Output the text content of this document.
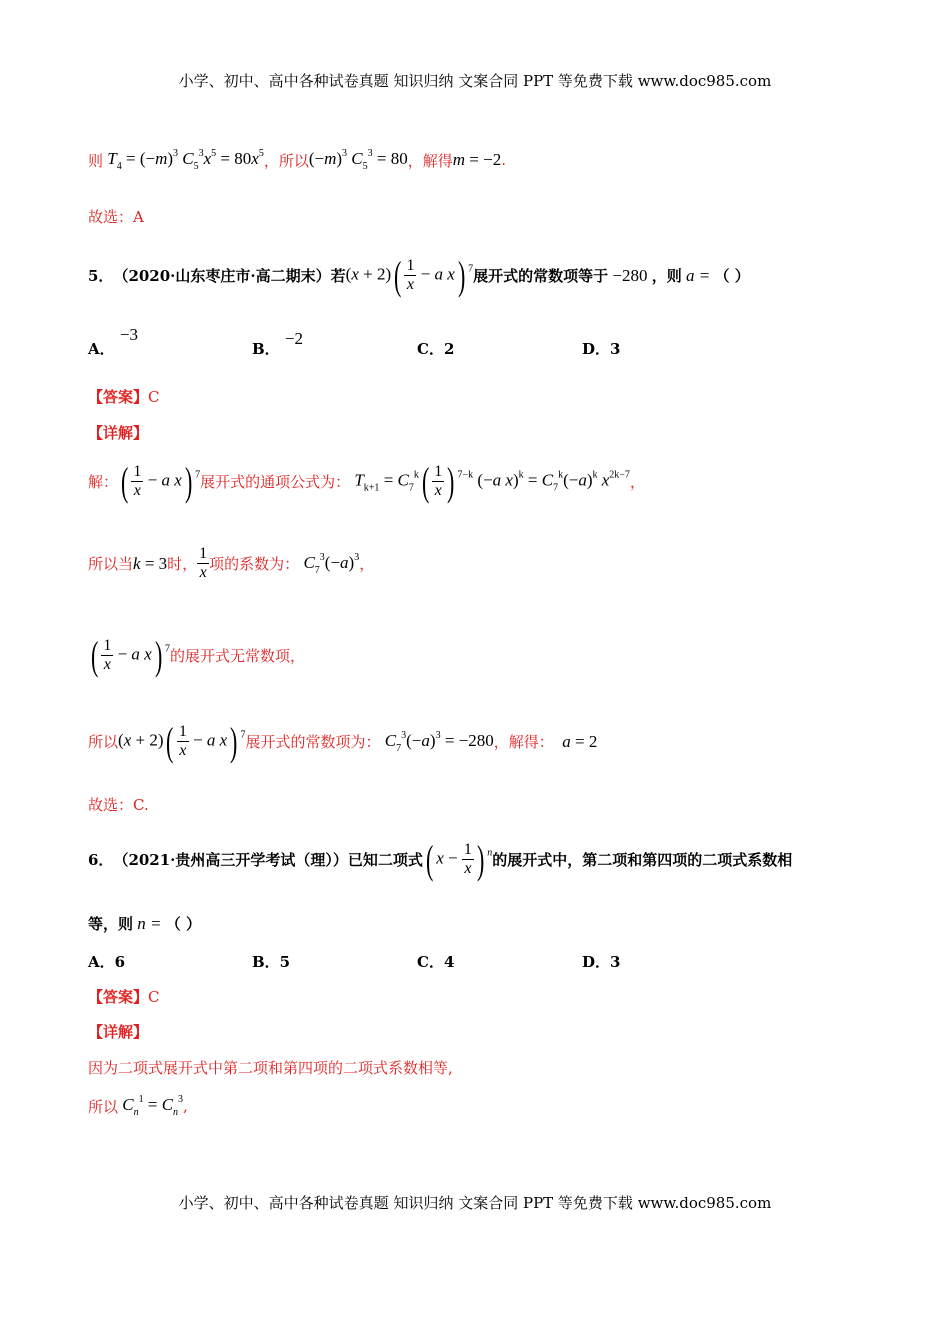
小学、初中、高中各种试卷真题 知识归纳 文案合同 PPT 等免费下载 www.doc985.com
则 $T_4 = (-m)^3$ $C_5^3x^5 = 80x^5$ ，所以 $(-m)^3$ $C_5^3 = 80$ ，解得 m = −2 .
故选：A
5． （2020·山东枣庄市·高二期末）若 $(x + 2)( \frac{1}{x} - a$ x) $^7$ 展开式的常数项等于 −280 ，则 a = （ ）
A． −3
B． −2
C．2	D．3
【答案】C
【详解】
解： ( $\frac{1}{x} - a$ x) $^7$ 展开式的通项公式为： $T_{k+1} = C_7^k( \frac{1}{x}$ ) $^{7-k}$ (−a $x)^k = C_7^k(-a)^k$ $x^{2k-7}$ ，
所以当 k = 3 时， $\frac{1}{x}$ 项的系数为： $C_7^3(-a)^3$ ，
( $\frac{1}{x} - a$ x) $^7$ 的展开式无常数项，
所以 $(x + 2)( \frac{1}{x} - a$ x) $^7$ 展开式的常数项为： $C_7^3(-a)^3 = -280$ ，解得： a = 2
故选：C.
6． （2021·贵州高三开学考试（理））已知二项式 ( $x - \frac{1}{x}$ ) $^n$ 的展开式中，第二项和第四项的二项式系数相
等，则 n = （ ）
A．6	B．5	C．4	D．3
【答案】C
【详解】
因为二项式展开式中第二项和第四项的二项式系数相等,
所以 $C_n^1 = C_n^3$ ,
小学、初中、高中各种试卷真题 知识归纳 文案合同 PPT 等免费下载 www.doc985.com
